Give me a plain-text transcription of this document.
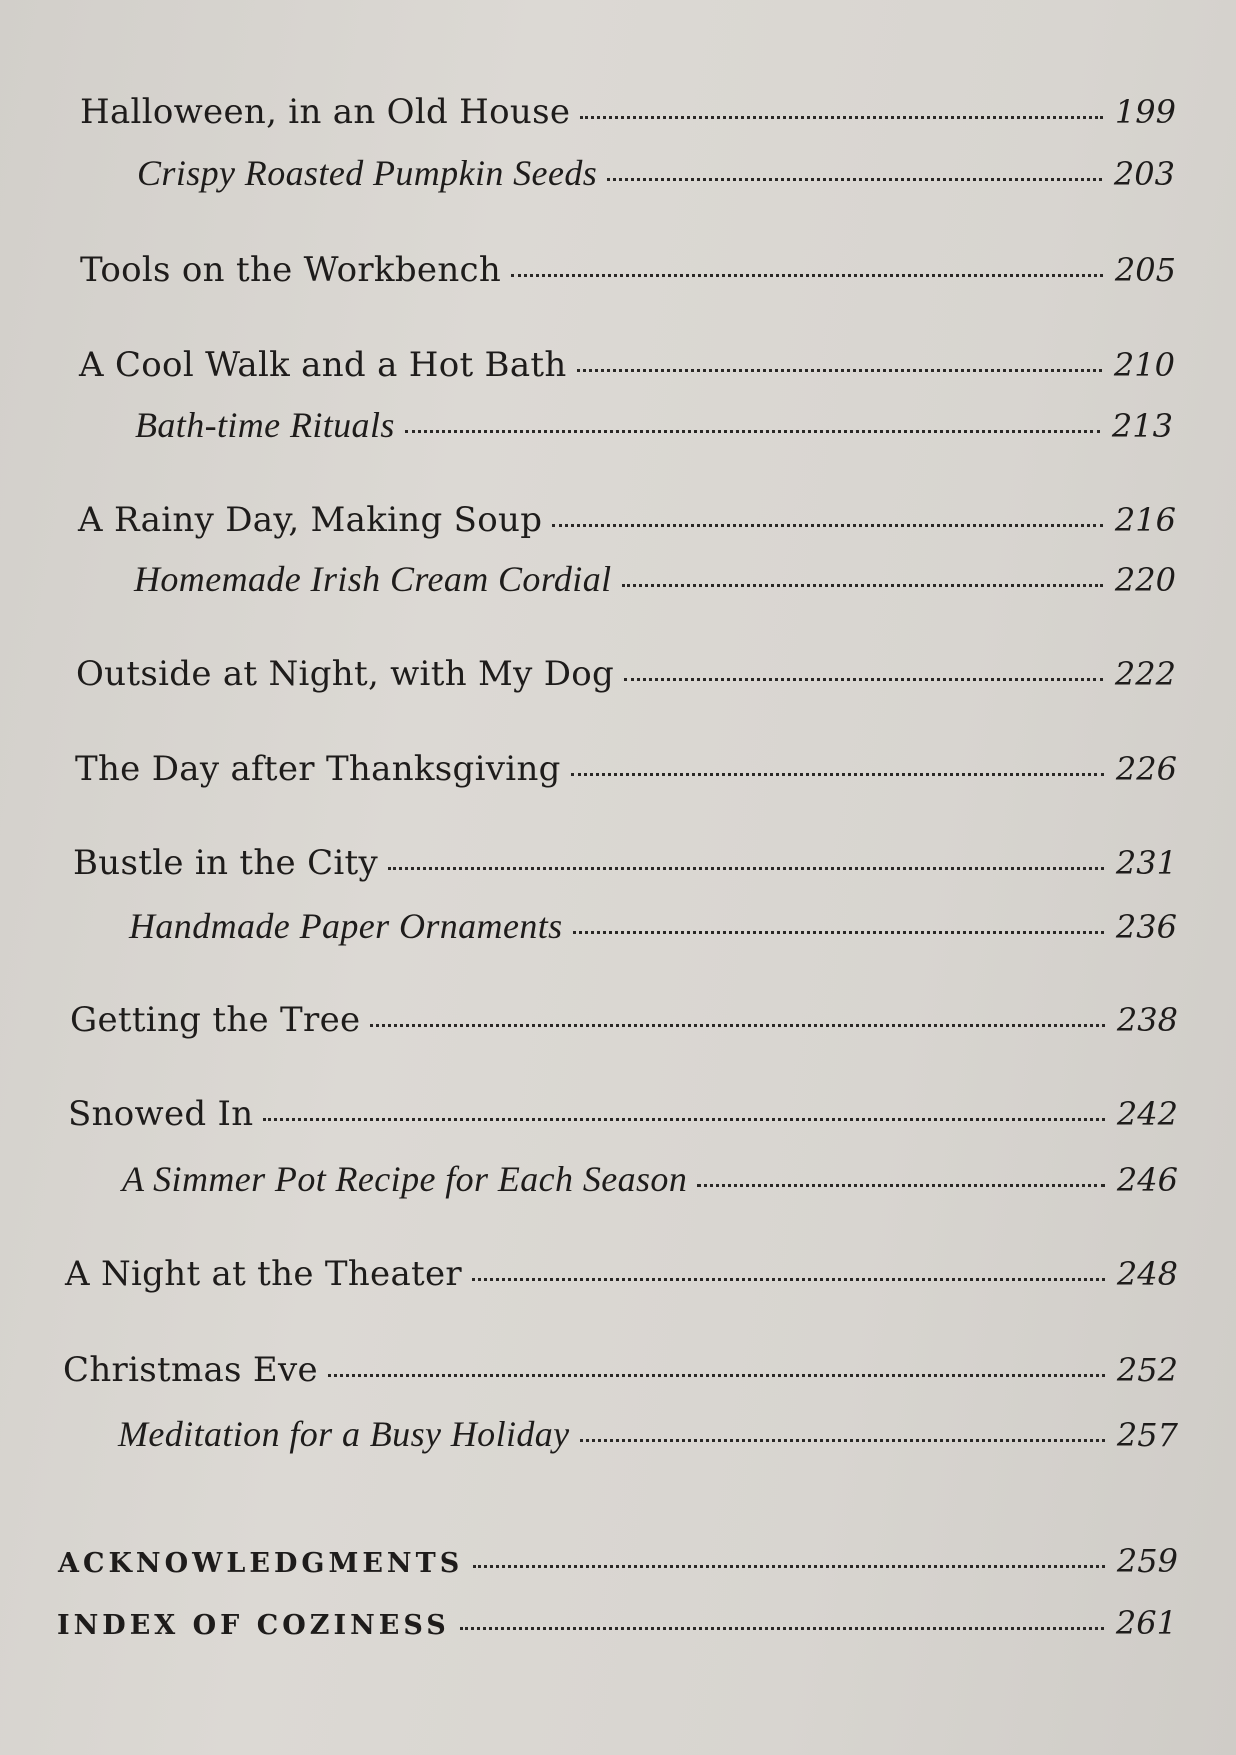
Halloween, in an Old House	199
Crispy Roasted Pumpkin Seeds	203
Tools on the Workbench	205
A Cool Walk and a Hot Bath	210
Bath-time Rituals	213
A Rainy Day, Making Soup	216
Homemade Irish Cream Cordial	220
Outside at Night, with My Dog	222
The Day after Thanksgiving	226
Bustle in the City	231
Handmade Paper Ornaments	236
Getting the Tree	238
Snowed In	242
A Simmer Pot Recipe for Each Season	246
A Night at the Theater	248
Christmas Eve	252
Meditation for a Busy Holiday	257
ACKNOWLEDGMENTS	259
INDEX OF COZINESS	261
